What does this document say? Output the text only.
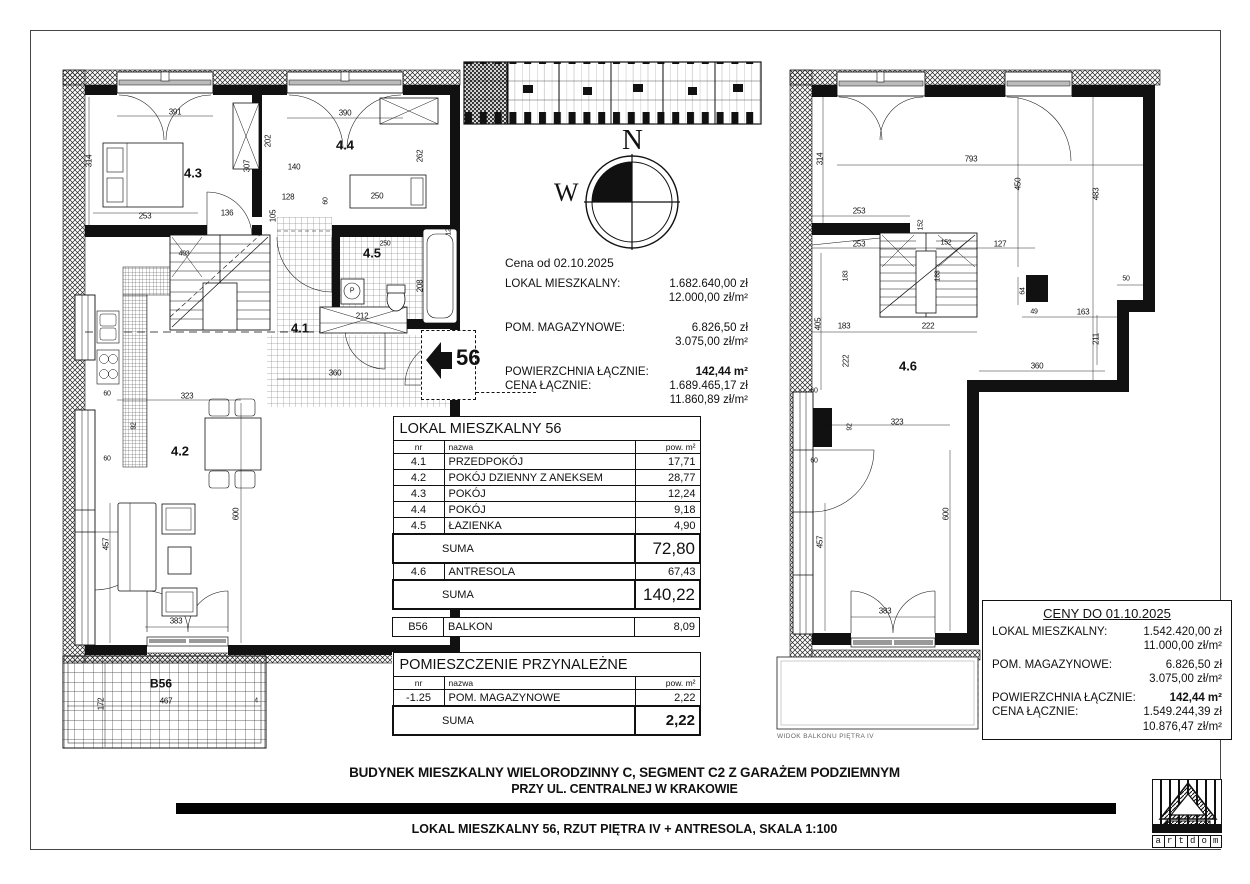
4.3
4.4
4.5
4.1
4.2
B56
391	390
314
253
307
202
140
128
105
136
60
250
262
250
12
208
212
403
360
323
92
60
60
600
457
383
467
172	4
P
4.6
793
314
253
253
152
152	127
450
483
183	183
64
49	163
50
405 183	222
222	360
211
60
92
323
60
600
457
383
WIDOK BALKONU PIĘTRA IV
N
W
Cena od 02.10.2025
LOKAL MIESZKALNY:	1.682.640,00 zł
12.000,00 zł/m²
POM. MAGAZYNOWE:	6.826,50 zł
3.075,00 zł/m²
POWIERZCHNIA ŁĄCZNIE:	142,44 m²
CENA ŁĄCZNIE:	1.689.465,17 zł
11.860,89 zł/m²
56
LOKAL MIESZKALNY 56		
nr	nazwa	pow. m²
4.1	PRZEDPOKÓJ	17,71
4.2	POKÓJ DZIENNY Z ANEKSEM	28,77
4.3	POKÓJ	12,24
4.4	POKÓJ	9,18
4.5	ŁAZIENKA	4,90
SUMA		72,80
4.6	ANTRESOLA	67,43
SUMA		140,22
B56	BALKON	8,09
POMIESZCZENIE PRZYNALEŻNE		
nr	nazwa	pow. m²
-1.25	POM. MAGAZYNOWE	2,22
SUMA		2,22
CENY DO 01.10.2025
LOKAL MIESZKALNY:	1.542.420,00 zł
11.000,00 zł/m²
POM. MAGAZYNOWE:	6.826,50 zł
3.075,00 zł/m²
POWIERZCHNIA ŁĄCZNIE:	142,44 m²
CENA ŁĄCZNIE:	1.549.244,39 zł
10.876,47 zł/m²
BUDYNEK MIESZKALNY WIELORODZINNY C, SEGMENT C2 Z GARAŻEM PODZIEMNYM
PRZY UL. CENTRALNEJ W KRAKOWIE
LOKAL MIESZKALNY 56, RZUT PIĘTRA IV + ANTRESOLA, SKALA 1:100
a r t d o m
